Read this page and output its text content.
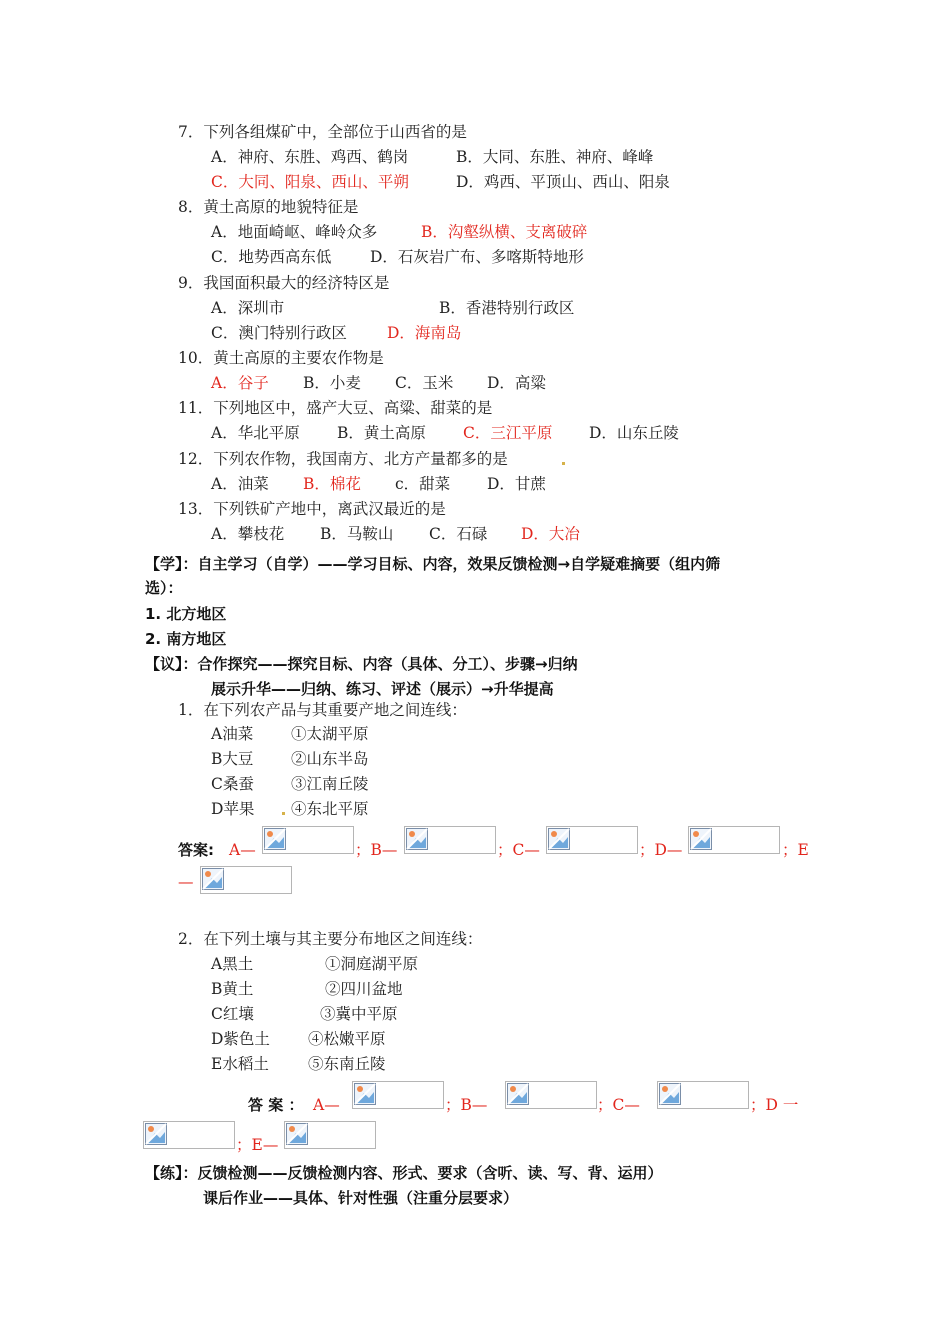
7．下列各组煤矿中，全部位于山西省的是
A．神府、东胜、鸡西、鹤岗	B．大同、东胜、神府、峰峰
C．大同、阳泉、西山、平朔	D．鸡西、平顶山、西山、阳泉
8．黄土高原的地貌特征是
A．地面崎岖、峰岭众多	B．沟壑纵横、支离破碎
C．地势西高东低 D．石灰岩广布、多喀斯特地形
9．我国面积最大的经济特区是
A．深圳市	B．香港特别行政区
C．澳门特别行政区	D．海南岛
10．黄土高原的主要农作物是
A．谷子 B．小麦 C．玉米 D．高粱
11．下列地区中，盛产大豆、高粱、甜菜的是
A．华北平原 B．黄土高原 C．三江平原 D．山东丘陵
12．下列农作物，我国南方、北方产量都多的是
A．油菜 B．棉花 c．甜菜 D．甘蔗
13．下列铁矿产地中，离武汉最近的是
A．攀枝花 B．马鞍山 C．石碌 D．大冶
【学】：自主学习（自学）——学习目标、内容，效果反馈检测→自学疑难摘要（组内筛
选）：
1. 北方地区
2. 南方地区
【议】：合作探究——探究目标、内容（具体、分工）、步骤→归纳
展示升华——归纳、练习、评述（展示）→升华提高
1．在下列农产品与其重要产地之间连线：
A油菜 ①太湖平原
B大豆 ②山东半岛
C桑蚕 ③江南丘陵
D苹果 ④东北平原
答案: A—	；B—	；C—	；D—	；E
—
2．在下列土壤与其主要分布地区之间连线：
A黑土	①洞庭湖平原
B黄土	②四川盆地
C红壤	③冀中平原
D紫色土 ④松嫩平原
E水稻土	⑤东南丘陵
答 案 ： A—	；B—	；C—	；D 一
；E—
【练】：反馈检测——反馈检测内容、形式、要求（含听、读、写、背、运用）
课后作业——具体、针对性强（注重分层要求）
